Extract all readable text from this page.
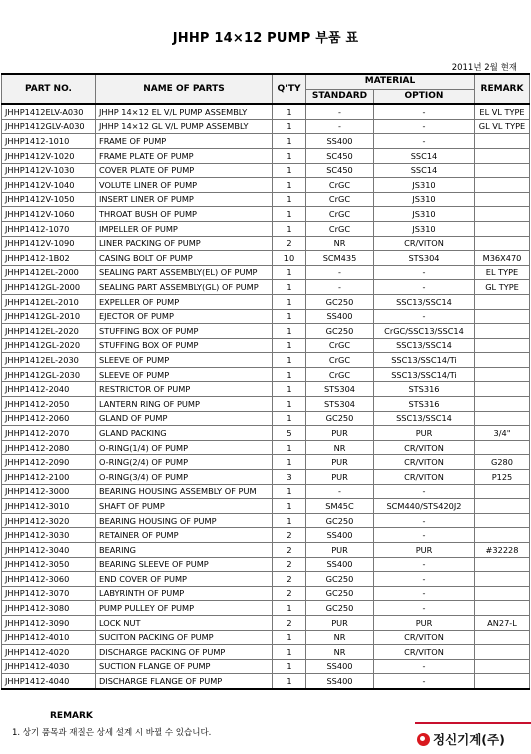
JHHP 14×12 PUMP 부품 표
2011년 2월 현재
PART NO.	NAME OF PARTS	Q'TY	MATERIAL		REMARK
			STANDARD	OPTION	
JHHP1412ELV-A030	JHHP 14×12 EL V/L PUMP ASSEMBLY	1	-	-	EL VL TYPE
JHHP1412GLV-A030	JHHP 14×12 GL V/L PUMP ASSEMBLY	1	-	-	GL VL TYPE
JHHP1412-1010	FRAME OF PUMP	1	SS400	-	
JHHP1412V-1020	FRAME PLATE OF PUMP	1	SC450	SSC14	
JHHP1412V-1030	COVER PLATE OF PUMP	1	SC450	SSC14	
JHHP1412V-1040	VOLUTE LINER OF PUMP	1	CrGC	JS310	
JHHP1412V-1050	INSERT LINER OF PUMP	1	CrGC	JS310	
JHHP1412V-1060	THROAT BUSH OF PUMP	1	CrGC	JS310	
JHHP1412-1070	IMPELLER OF PUMP	1	CrGC	JS310	
JHHP1412V-1090	LINER PACKING OF PUMP	2	NR	CR/VITON	
JHHP1412-1B02	CASING BOLT OF PUMP	10	SCM435	STS304	M36X470
JHHP1412EL-2000	SEALING PART ASSEMBLY(EL) OF PUMP	1	-	-	EL TYPE
JHHP1412GL-2000	SEALING PART ASSEMBLY(GL) OF PUMP	1	-	-	GL TYPE
JHHP1412EL-2010	EXPELLER OF PUMP	1	GC250	SSC13/SSC14	
JHHP1412GL-2010	EJECTOR OF PUMP	1	SS400	-	
JHHP1412EL-2020	STUFFING BOX OF PUMP	1	GC250	CrGC/SSC13/SSC14	
JHHP1412GL-2020	STUFFING BOX OF PUMP	1	CrGC	SSC13/SSC14	
JHHP1412EL-2030	SLEEVE OF PUMP	1	CrGC	SSC13/SSC14/Ti	
JHHP1412GL-2030	SLEEVE OF PUMP	1	CrGC	SSC13/SSC14/Ti	
JHHP1412-2040	RESTRICTOR OF PUMP	1	STS304	STS316	
JHHP1412-2050	LANTERN RING OF PUMP	1	STS304	STS316	
JHHP1412-2060	GLAND OF PUMP	1	GC250	SSC13/SSC14	
JHHP1412-2070	GLAND PACKING	5	PUR	PUR	3/4"
JHHP1412-2080	O-RING(1/4) OF PUMP	1	NR	CR/VITON	
JHHP1412-2090	O-RING(2/4) OF PUMP	1	PUR	CR/VITON	G280
JHHP1412-2100	O-RING(3/4) OF PUMP	3	PUR	CR/VITON	P125
JHHP1412-3000	BEARING HOUSING ASSEMBLY OF PUM	1	-	-	
JHHP1412-3010	SHAFT OF PUMP	1	SM45C	SCM440/STS420J2	
JHHP1412-3020	BEARING HOUSING OF PUMP	1	GC250	-	
JHHP1412-3030	RETAINER OF PUMP	2	SS400	-	
JHHP1412-3040	BEARING	2	PUR	PUR	#32228
JHHP1412-3050	BEARING SLEEVE OF PUMP	2	SS400	-	
JHHP1412-3060	END COVER OF PUMP	2	GC250	-	
JHHP1412-3070	LABYRINTH OF PUMP	2	GC250	-	
JHHP1412-3080	PUMP PULLEY OF PUMP	1	GC250	-	
JHHP1412-3090	LOCK NUT	2	PUR	PUR	AN27-L
JHHP1412-4010	SUCITON PACKING OF PUMP	1	NR	CR/VITON	
JHHP1412-4020	DISCHARGE PACKING OF PUMP	1	NR	CR/VITON	
JHHP1412-4030	SUCTION FLANGE OF PUMP	1	SS400	-	
JHHP1412-4040	DISCHARGE FLANGE OF PUMP	1	SS400	-	
REMARK
1. 상기 품목과 재질은 상세 설계 시 바뀔 수 있습니다.	정신기계(주)
